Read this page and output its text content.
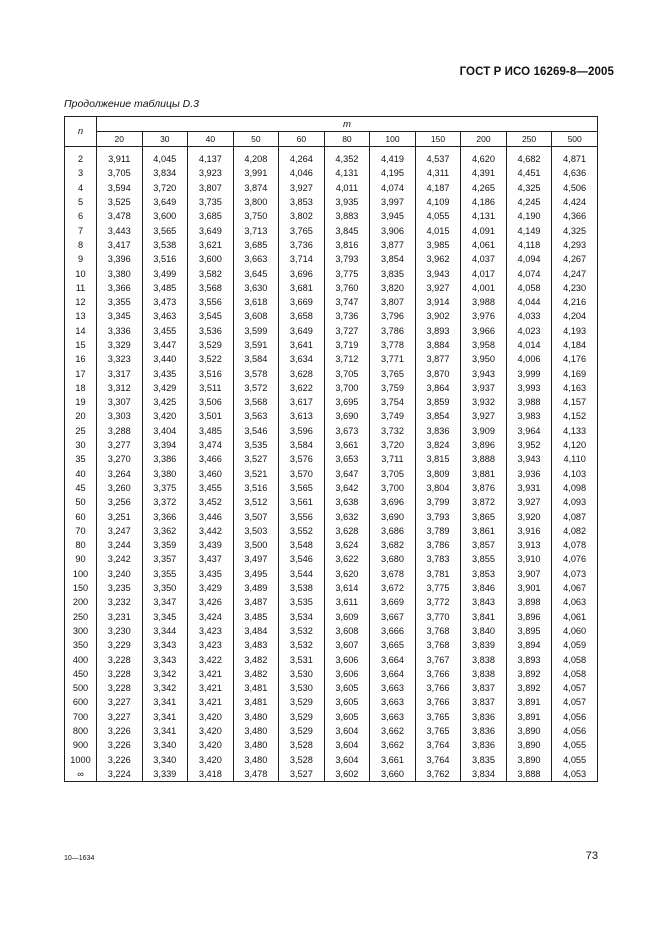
ГОСТ Р ИСО 16269-8—2005
Продолжение таблицы D.3
n	m										
	20	30	40	50	60	80	100	150	200	250	500

2	3,911	4,045	4,137	4,208	4,264	4,352	4,419	4,537	4,620	4,682	4,871
3	3,705	3,834	3,923	3,991	4,046	4,131	4,195	4,311	4,391	4,451	4,636
4	3,594	3,720	3,807	3,874	3,927	4,011	4,074	4,187	4,265	4,325	4,506
5	3,525	3,649	3,735	3,800	3,853	3,935	3,997	4,109	4,186	4,245	4,424
6	3,478	3,600	3,685	3,750	3,802	3,883	3,945	4,055	4,131	4,190	4,366
7	3,443	3,565	3,649	3,713	3,765	3,845	3,906	4,015	4,091	4,149	4,325
8	3,417	3,538	3,621	3,685	3,736	3,816	3,877	3,985	4,061	4,118	4,293
9	3,396	3,516	3,600	3,663	3,714	3,793	3,854	3,962	4,037	4,094	4,267
10	3,380	3,499	3,582	3,645	3,696	3,775	3,835	3,943	4,017	4,074	4,247
11	3,366	3,485	3,568	3,630	3,681	3,760	3,820	3,927	4,001	4,058	4,230
12	3,355	3,473	3,556	3,618	3,669	3,747	3,807	3,914	3,988	4,044	4,216
13	3,345	3,463	3,545	3,608	3,658	3,736	3,796	3,902	3,976	4,033	4,204
14	3,336	3,455	3,536	3,599	3,649	3,727	3,786	3,893	3,966	4,023	4,193
15	3,329	3,447	3,529	3,591	3,641	3,719	3,778	3,884	3,958	4,014	4,184
16	3,323	3,440	3,522	3,584	3,634	3,712	3,771	3,877	3,950	4,006	4,176
17	3,317	3,435	3,516	3,578	3,628	3,705	3,765	3,870	3,943	3,999	4,169
18	3,312	3,429	3,511	3,572	3,622	3,700	3,759	3,864	3,937	3,993	4,163
19	3,307	3,425	3,506	3,568	3,617	3,695	3,754	3,859	3,932	3,988	4,157
20	3,303	3,420	3,501	3,563	3,613	3,690	3,749	3,854	3,927	3,983	4,152
25	3,288	3,404	3,485	3,546	3,596	3,673	3,732	3,836	3,909	3,964	4,133
30	3,277	3,394	3,474	3,535	3,584	3,661	3,720	3,824	3,896	3,952	4,120
35	3,270	3,386	3,466	3,527	3,576	3,653	3,711	3,815	3,888	3,943	4,110
40	3,264	3,380	3,460	3,521	3,570	3,647	3,705	3,809	3,881	3,936	4,103
45	3,260	3,375	3,455	3,516	3,565	3,642	3,700	3,804	3,876	3,931	4,098
50	3,256	3,372	3,452	3,512	3,561	3,638	3,696	3,799	3,872	3,927	4,093
60	3,251	3,366	3,446	3,507	3,556	3,632	3,690	3,793	3,865	3,920	4,087
70	3,247	3,362	3,442	3,503	3,552	3,628	3,686	3,789	3,861	3,916	4,082
80	3,244	3,359	3,439	3,500	3,548	3,624	3,682	3,786	3,857	3,913	4,078
90	3,242	3,357	3,437	3,497	3,546	3,622	3,680	3,783	3,855	3,910	4,076
100	3,240	3,355	3,435	3,495	3,544	3,620	3,678	3,781	3,853	3,907	4,073
150	3,235	3,350	3,429	3,489	3,538	3,614	3,672	3,775	3,846	3,901	4,067
200	3,232	3,347	3,426	3,487	3,535	3,611	3,669	3,772	3,843	3,898	4,063
250	3,231	3,345	3,424	3,485	3,534	3,609	3,667	3,770	3,841	3,896	4,061
300	3,230	3,344	3,423	3,484	3,532	3,608	3,666	3,768	3,840	3,895	4,060
350	3,229	3,343	3,423	3,483	3,532	3,607	3,665	3,768	3,839	3,894	4,059
400	3,228	3,343	3,422	3,482	3,531	3,606	3,664	3,767	3,838	3,893	4,058
450	3,228	3,342	3,421	3,482	3,530	3,606	3,664	3,766	3,838	3,892	4,058
500	3,228	3,342	3,421	3,481	3,530	3,605	3,663	3,766	3,837	3,892	4,057
600	3,227	3,341	3,421	3,481	3,529	3,605	3,663	3,766	3,837	3,891	4,057
700	3,227	3,341	3,420	3,480	3,529	3,605	3,663	3,765	3,836	3,891	4,056
800	3,226	3,341	3,420	3,480	3,529	3,604	3,662	3,765	3,836	3,890	4,056
900	3,226	3,340	3,420	3,480	3,528	3,604	3,662	3,764	3,836	3,890	4,055
1000	3,226	3,340	3,420	3,480	3,528	3,604	3,661	3,764	3,835	3,890	4,055
∞	3,224	3,339	3,418	3,478	3,527	3,602	3,660	3,762	3,834	3,888	4,053
10—1634	73
